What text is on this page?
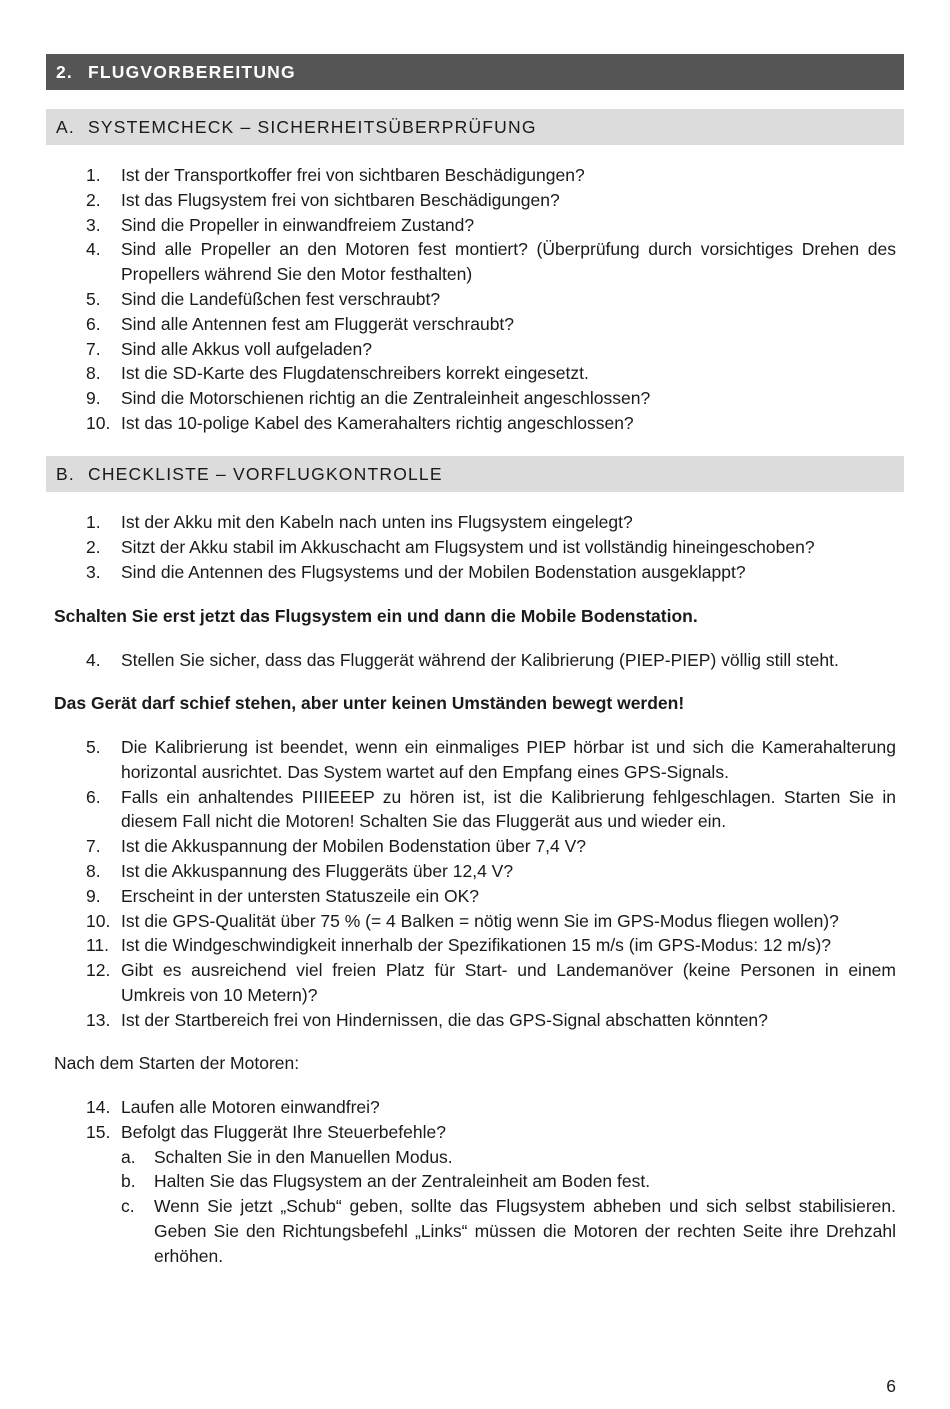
2. FLUGVORBEREITUNG
A. SYSTEMCHECK – SICHERHEITSÜBERPRÜFUNG
1.	Ist der Transportkoffer frei von sichtbaren Beschädigungen?
2.	Ist das Flugsystem frei von sichtbaren Beschädigungen?
3.	Sind die Propeller in einwandfreiem Zustand?
4.	Sind alle Propeller an den Motoren fest montiert? (Überprüfung durch vorsichtiges Drehen des Propellers während Sie den Motor festhalten)
5.	Sind die Landefüßchen fest verschraubt?
6.	Sind alle Antennen fest am Fluggerät verschraubt?
7.	Sind alle Akkus voll aufgeladen?
8.	Ist die SD-Karte des Flugdatenschreibers korrekt eingesetzt.
9.	Sind die Motorschienen richtig an die Zentraleinheit angeschlossen?
10. Ist das 10-polige Kabel des Kamerahalters richtig angeschlossen?
B. CHECKLISTE – VORFLUGKONTROLLE
1.	Ist der Akku mit den Kabeln nach unten ins Flugsystem eingelegt?
2.	Sitzt der Akku stabil im Akkuschacht am Flugsystem und ist vollständig hineingeschoben?
3.	Sind die Antennen des Flugsystems und der Mobilen Bodenstation ausgeklappt?
Schalten Sie erst jetzt das Flugsystem ein und dann die Mobile Bodenstation.
4.	Stellen Sie sicher, dass das Fluggerät während der Kalibrierung (PIEP-PIEP) völlig still steht.
Das Gerät darf schief stehen, aber unter keinen Umständen bewegt werden!
5.	Die Kalibrierung ist beendet, wenn ein einmaliges PIEP hörbar ist und sich die Kamerahalterung horizontal ausrichtet. Das System wartet auf den Empfang eines GPS-Signals.
6.	Falls ein anhaltendes PIIIEEEP zu hören ist, ist die Kalibrierung fehlgeschlagen. Starten Sie in diesem Fall nicht die Motoren! Schalten Sie das Fluggerät aus und wieder ein.
7.	Ist die Akkuspannung der Mobilen Bodenstation über 7,4 V?
8.	Ist die Akkuspannung des Fluggeräts über 12,4 V?
9.	Erscheint in der untersten Statuszeile ein OK?
10. Ist die GPS-Qualität über 75 % (= 4 Balken = nötig wenn Sie im GPS-Modus fliegen wollen)?
11. Ist die Windgeschwindigkeit innerhalb der Spezifikationen 15 m/s (im GPS-Modus: 12 m/s)?
12. Gibt es ausreichend viel freien Platz für Start- und Landemanöver (keine Personen in einem Umkreis von 10 Metern)?
13. Ist der Startbereich frei von Hindernissen, die das GPS-Signal abschatten könnten?
Nach dem Starten der Motoren:
14. Laufen alle Motoren einwandfrei?
15. Befolgt das Fluggerät Ihre Steuerbefehle?
a.	Schalten Sie in den Manuellen Modus.
b.	Halten Sie das Flugsystem an der Zentraleinheit am Boden fest.
c.	Wenn Sie jetzt „Schub“ geben, sollte das Flugsystem abheben und sich selbst stabilisieren. Geben Sie den Richtungsbefehl „Links“ müssen die Motoren der rechten Seite ihre Drehzahl erhöhen.
6
